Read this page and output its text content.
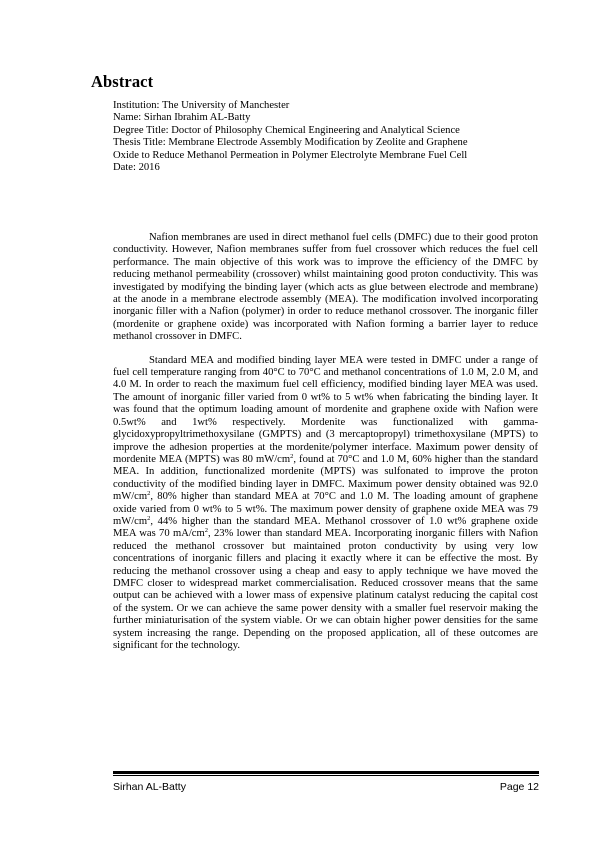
Abstract
Institution: The University of Manchester
Name: Sirhan Ibrahim AL-Batty
Degree Title: Doctor of Philosophy Chemical Engineering and Analytical Science
Thesis Title: Membrane Electrode Assembly Modification by Zeolite and Graphene
Oxide to Reduce Methanol Permeation in Polymer Electrolyte Membrane Fuel Cell
Date: 2016

Nafion membranes are used in direct methanol fuel cells (DMFC) due to their good proton conductivity. However, Nafion membranes suffer from fuel crossover which reduces the fuel cell performance. The main objective of this work was to improve the efficiency of the DMFC by reducing methanol permeability (crossover) whilst maintaining good proton conductivity. This was investigated by modifying the binding layer (which acts as glue between electrode and membrane) at the anode in a membrane electrode assembly (MEA). The modification involved incorporating inorganic filler with a Nafion (polymer) in order to reduce methanol crossover. The inorganic filler (mordenite or graphene oxide) was incorporated with Nafion forming a barrier layer to reduce methanol crossover in DMFC.

Standard MEA and modified binding layer MEA were tested in DMFC under a range of fuel cell temperature ranging from 40°C to 70°C and methanol concentrations of 1.0 M, 2.0 M, and 4.0 M. In order to reach the maximum fuel cell efficiency, modified binding layer MEA was used. The amount of inorganic filler varied from 0 wt% to 5 wt% when fabricating the binding layer. It was found that the optimum loading amount of mordenite and graphene oxide with Nafion were 0.5wt% and 1wt% respectively. Mordenite was functionalized with gamma-glycidoxypropyltrimethoxysilane (GMPTS) and (3 mercaptopropyl) trimethoxysilane (MPTS) to improve the adhesion properties at the mordenite/polymer interface. Maximum power density of mordenite MEA (MPTS) was 80 $mW/cm^2$, found at 70°C and 1.0 M, 60% higher than the standard MEA. In addition, functionalized mordenite (MPTS) was sulfonated to improve the proton conductivity of the modified binding layer in DMFC. Maximum power density obtained was 92.0 $mW/cm^2$, 80% higher than standard MEA at 70°C and 1.0 M. The loading amount of graphene oxide varied from 0 wt% to 5 wt%. The maximum power density of graphene oxide MEA was 79 $mW/cm^2$, 44% higher than the standard MEA. Methanol crossover of 1.0 wt% graphene oxide MEA was 70 $mA/cm^2$, 23% lower than standard MEA. Incorporating inorganic fillers with Nafion reduced the methanol crossover but maintained proton conductivity by using very low concentrations of inorganic fillers and placing it exactly where it can be effective the most. By reducing the methanol crossover using a cheap and easy to apply technique we have moved the DMFC closer to widespread market commercialisation. Reduced crossover means that the same output can be achieved with a lower mass of expensive platinum catalyst reducing the capital cost of the system. Or we can achieve the same power density with a smaller fuel reservoir making the further miniaturisation of the system viable. Or we can obtain higher power densities for the same system increasing the range. Depending on the proposed application, all of these outcomes are significant for the technology.

Sirhan AL-Batty	Page 12
